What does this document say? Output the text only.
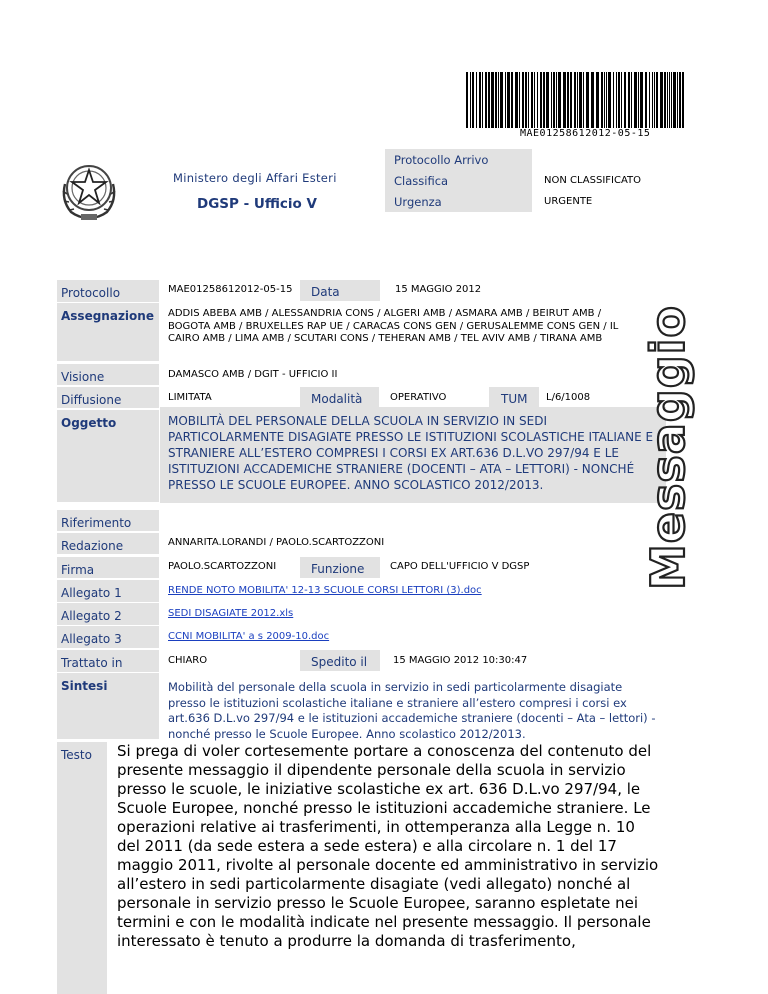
MAE01258612012-05-15
Ministero degli Affari Esteri
DGSP - Ufficio V
Protocollo Arrivo
Classifica	NON CLASSIFICATO
Urgenza	URGENTE
Protocollo	MAE01258612012-05-15	Data	15 MAGGIO 2012
Assegnazione	ADDIS ABEBA AMB / ALESSANDRIA CONS / ALGERI AMB / ASMARA AMB / BEIRUT AMB / BOGOTA AMB / BRUXELLES RAP UE / CARACAS CONS GEN / GERUSALEMME CONS GEN / IL CAIRO AMB / LIMA AMB / SCUTARI CONS / TEHERAN AMB / TEL AVIV AMB / TIRANA AMB
Visione	DAMASCO AMB / DGIT - UFFICIO II
Diffusione	LIMITATA	Modalità	OPERATIVO	TUM	L/6/1008
Oggetto	MOBILITÀ DEL PERSONALE DELLA SCUOLA IN SERVIZIO IN SEDI PARTICOLARMENTE DISAGIATE PRESSO LE ISTITUZIONI SCOLASTICHE ITALIANE E STRANIERE ALL’ESTERO COMPRESI I CORSI EX ART.636 D.L.VO 297/94 E LE ISTITUZIONI ACCADEMICHE STRANIERE (DOCENTI – ATA – LETTORI) - NONCHÉ PRESSO LE SCUOLE EUROPEE. ANNO SCOLASTICO 2012/2013.
Riferimento
Redazione	ANNARITA.LORANDI / PAOLO.SCARTOZZONI
Firma	PAOLO.SCARTOZZONI	Funzione	CAPO DELL'UFFICIO V DGSP
Allegato 1	RENDE NOTO MOBILITA' 12-13 SCUOLE CORSI LETTORI (3).doc
Allegato 2	SEDI DISAGIATE 2012.xls
Allegato 3	CCNI MOBILITA' a s 2009-10.doc
Trattato in	CHIARO	Spedito il	15 MAGGIO 2012 10:30:47
Sintesi	Mobilità del personale della scuola in servizio in sedi particolarmente disagiate presso le istituzioni scolastiche italiane e straniere all’estero compresi i corsi ex art.636 D.L.vo 297/94 e le istituzioni accademiche straniere (docenti – Ata – lettori) - nonché presso le Scuole Europee. Anno scolastico 2012/2013.
Testo	Si prega di voler cortesemente portare a conoscenza del contenuto del presente messaggio il dipendente personale della scuola in servizio presso le scuole, le iniziative scolastiche ex art. 636 D.L.vo 297/94, le Scuole Europee, nonché presso le istituzioni accademiche straniere. Le operazioni relative ai trasferimenti, in ottemperanza alla Legge n. 10 del 2011 (da sede estera a sede estera) e alla circolare n. 1 del 17 maggio 2011, rivolte al personale docente ed amministrativo in servizio all’estero in sedi particolarmente disagiate (vedi allegato) nonché al personale in servizio presso le Scuole Europee, saranno espletate nei termini e con le modalità indicate nel presente messaggio. Il personale interessato è tenuto a produrre la domanda di trasferimento,
Messaggio
